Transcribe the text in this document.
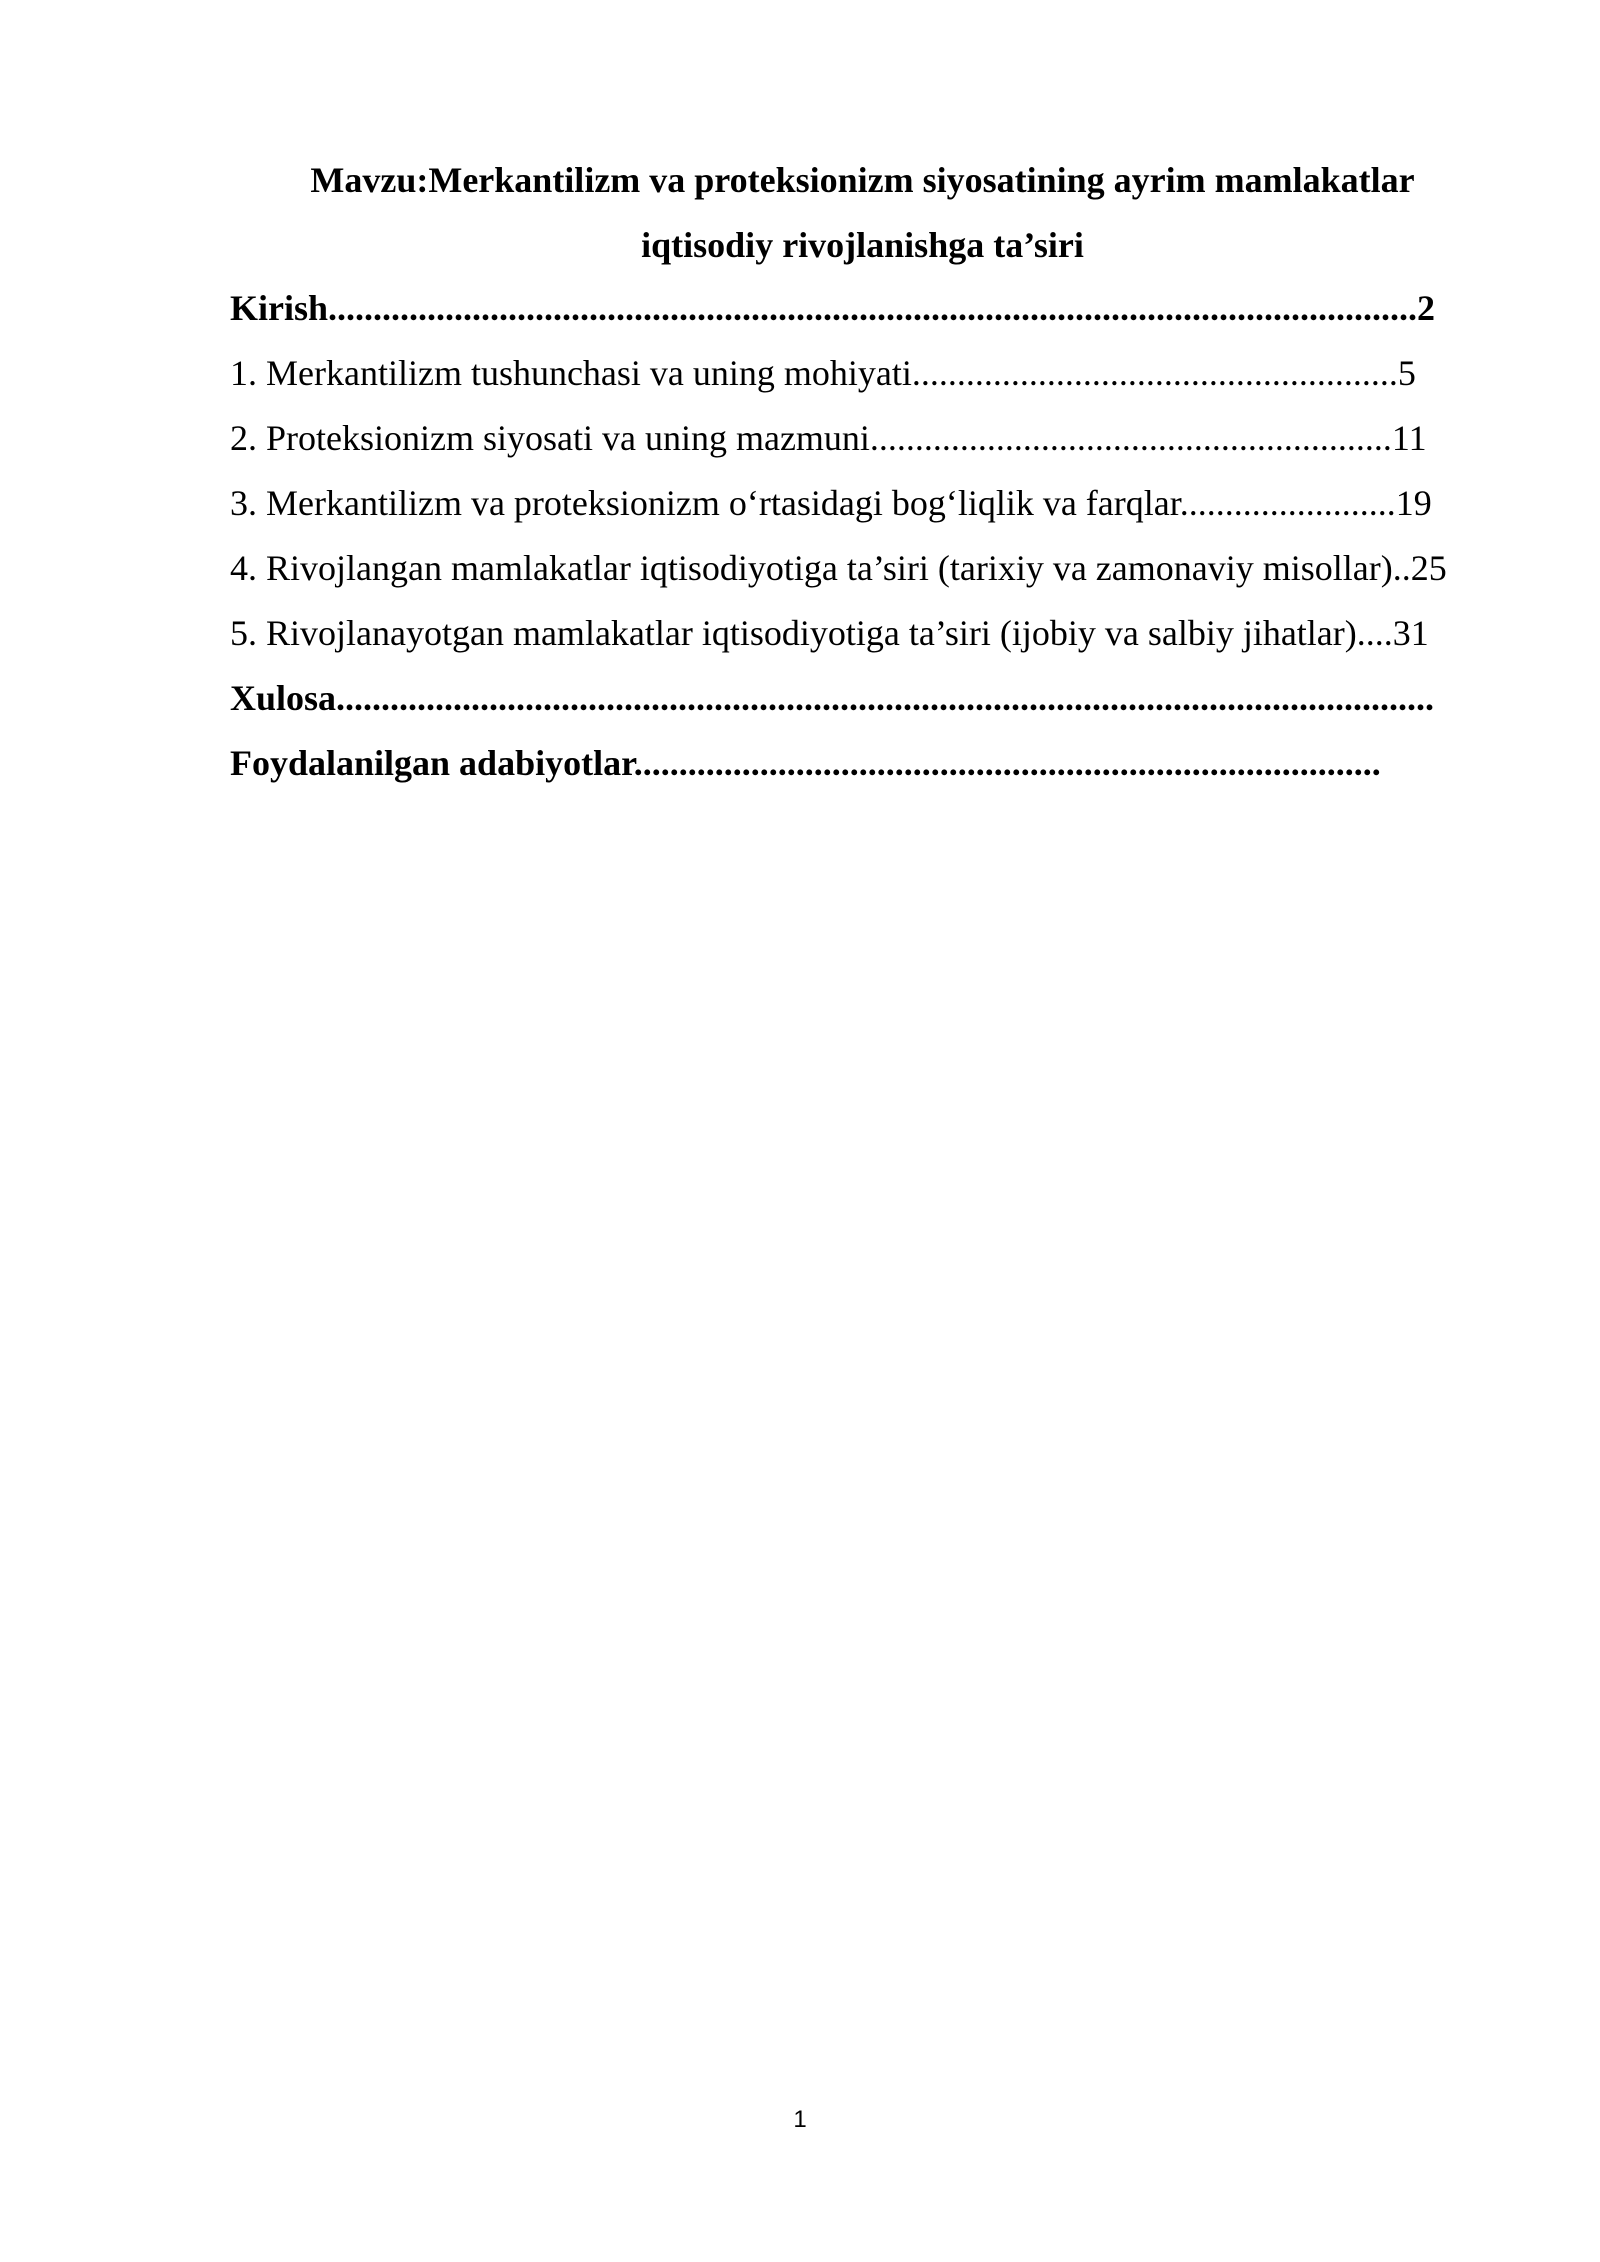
Mavzu:Merkantilizm va proteksionizm siyosatining ayrim mamlakatlar
iqtisodiy rivojlanishga ta’siri
Kirish.........................................................................................................................2
1. Merkantilizm tushunchasi va uning mohiyati......................................................5
2. Proteksionizm siyosati va uning mazmuni..........................................................11
3. Merkantilizm va proteksionizm o‘rtasidagi bog‘liqlik va farqlar........................19
4. Rivojlangan mamlakatlar iqtisodiyotiga ta’siri (tarixiy va zamonaviy misollar)..25
5. Rivojlanayotgan mamlakatlar iqtisodiyotiga ta’siri (ijobiy va salbiy jihatlar)....31
Xulosa..........................................................................................................................
Foydalanilgan adabiyotlar...................................................................................
1
